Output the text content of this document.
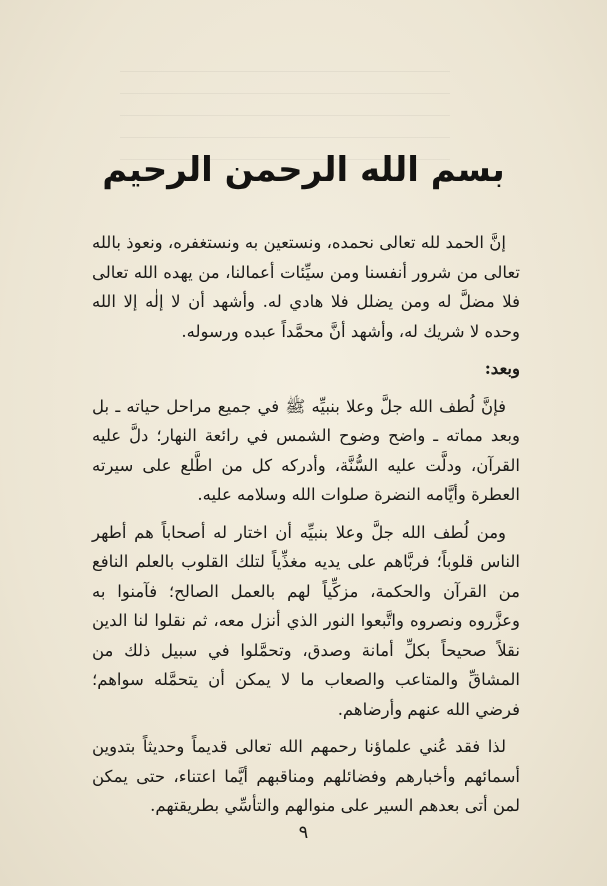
بسم الله الرحمن الرحيم

إنَّ الحمد لله تعالى نحمده، ونستعين به ونستغفره، ونعوذ بالله تعالى من شرور أنفسنا ومن سيِّئات أعمالنا، من يهده الله تعالى فلا مضلَّ له ومن يضلل فلا هادي له. وأشهد أن لا إلٰه إلا الله وحده لا شريك له، وأشهد أنَّ محمَّداً عبده ورسوله.

وبعد:

فإنَّ لُطف الله جلَّ وعلا بنبيِّه ﷺ في جميع مراحل حياته ـ بل وبعد مماته ـ واضح وضوح الشمس في رائعة النهار؛ دلَّ عليه القرآن، ودلَّت عليه السُّنَّة، وأدركه كل من اطَّلع على سيرته العطرة وأيَّامه النضرة صلوات الله وسلامه عليه.

ومن لُطف الله جلَّ وعلا بنبيِّه أن اختار له أصحاباً هم أطهر الناس قلوباً؛ فربَّاهم على يديه مغذِّياً لتلك القلوب بالعلم النافع من القرآن والحكمة، مزكِّياً لهم بالعمل الصالح؛ فآمنوا به وعزَّروه ونصروه واتَّبعوا النور الذي أنزل معه، ثم نقلوا لنا الدين نقلاً صحيحاً بكلِّ أمانة وصدق، وتحمَّلوا في سبيل ذلك من المشاقِّ والمتاعب والصعاب ما لا يمكن أن يتحمَّله سواهم؛ فرضي الله عنهم وأرضاهم.

لذا فقد عُني علماؤنا رحمهم الله تعالى قديماً وحديثاً بتدوين أسمائهم وأخبارهم وفضائلهم ومناقبهم أيَّما اعتناء، حتى يمكن لمن أتى بعدهم السير على منوالهم والتأسِّي بطريقتهم.

٩
